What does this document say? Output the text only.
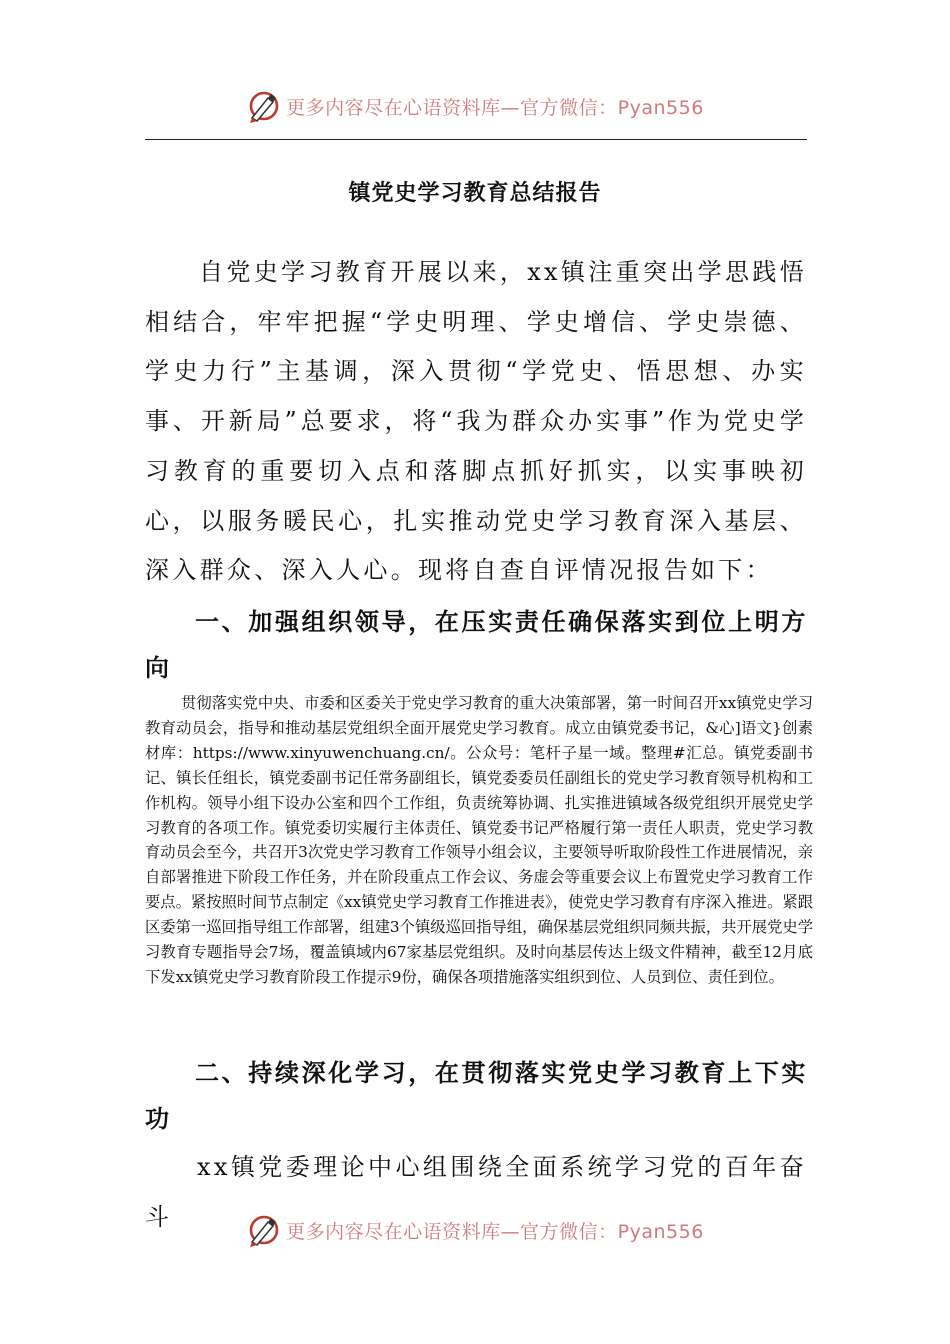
更多内容尽在心语资料库—官方微信：Pyan556
镇党史学习教育总结报告

自党史学习教育开展以来，xx镇注重突出学思践悟相结合，牢牢把握“学史明理、学史增信、学史崇德、学史力行”主基调，深入贯彻“学党史、悟思想、办实事、开新局”总要求，将“我为群众办实事”作为党史学习教育的重要切入点和落脚点抓好抓实，以实事映初心，以服务暖民心，扎实推动党史学习教育深入基层、深入群众、深入人心。现将自查自评情况报告如下：

一、加强组织领导，在压实责任确保落实到位上明方向

贯彻落实党中央、市委和区委关于党史学习教育的重大决策部署，第一时间召开xx镇党史学习教育动员会，指导和推动基层党组织全面开展党史学习教育。成立由镇党委书记，&心]语文}创素材库：https://www.xinyuwenchuang.cn/。公众号：笔杆子星一域。整理#汇总。镇党委副书记、镇长任组长，镇党委副书记任常务副组长，镇党委委员任副组长的党史学习教育领导机构和工作机构。领导小组下设办公室和四个工作组，负责统筹协调、扎实推进镇域各级党组织开展党史学习教育的各项工作。镇党委切实履行主体责任、镇党委书记严格履行第一责任人职责，党史学习教育动员会至今，共召开3次党史学习教育工作领导小组会议，主要领导听取阶段性工作进展情况，亲自部署推进下阶段工作任务，并在阶段重点工作会议、务虚会等重要会议上布置党史学习教育工作要点。紧按照时间节点制定《xx镇党史学习教育工作推进表》，使党史学习教育有序深入推进。紧跟区委第一巡回指导组工作部署，组建3个镇级巡回指导组，确保基层党组织同频共振，共开展党史学习教育专题指导会7场，覆盖镇域内67家基层党组织。及时向基层传达上级文件精神，截至12月底下发xx镇党史学习教育阶段工作提示9份，确保各项措施落实组织到位、人员到位、责任到位。

二、持续深化学习，在贯彻落实党史学习教育上下实功

xx镇党委理论中心组围绕全面系统学习党的百年奋斗

更多内容尽在心语资料库—官方微信：Pyan556
